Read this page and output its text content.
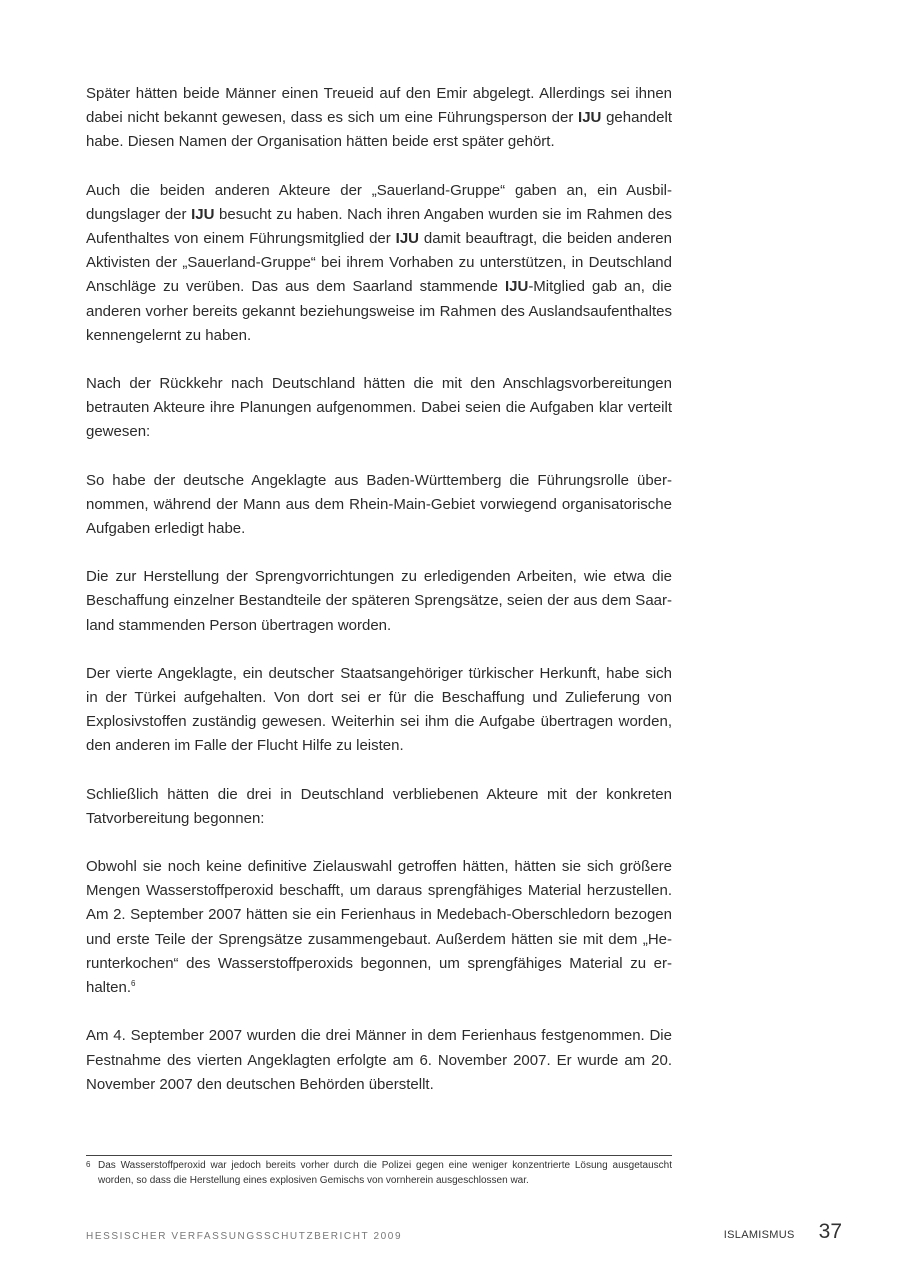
Später hätten beide Männer einen Treueid auf den Emir abgelegt. Allerdings sei ihnen dabei nicht bekannt gewesen, dass es sich um eine Führungsperson der IJU gehandelt habe. Diesen Namen der Organisation hätten beide erst später gehört.

Auch die beiden anderen Akteure der „Sauerland-Gruppe“ gaben an, ein Ausbildungslager der IJU besucht zu haben. Nach ihren Angaben wurden sie im Rahmen des Aufenthaltes von einem Führungsmitglied der IJU damit beauftragt, die beiden anderen Aktivisten der „Sauerland-Gruppe“ bei ihrem Vorhaben zu unterstützen, in Deutschland Anschläge zu verüben. Das aus dem Saarland stammende IJU-Mitglied gab an, die anderen vorher bereits gekannt beziehungsweise im Rahmen des Auslandsaufenthaltes kennengelernt zu haben.

Nach der Rückkehr nach Deutschland hätten die mit den Anschlagsvorbereitungen betrauten Akteure ihre Planungen aufgenommen. Dabei seien die Aufgaben klar verteilt gewesen:

So habe der deutsche Angeklagte aus Baden-Württemberg die Führungsrolle übernommen, während der Mann aus dem Rhein-Main-Gebiet vorwiegend organisatorische Aufgaben erledigt habe.

Die zur Herstellung der Sprengvorrichtungen zu erledigenden Arbeiten, wie etwa die Beschaffung einzelner Bestandteile der späteren Sprengsätze, seien der aus dem Saarland stammenden Person übertragen worden.

Der vierte Angeklagte, ein deutscher Staatsangehöriger türkischer Herkunft, habe sich in der Türkei aufgehalten. Von dort sei er für die Beschaffung und Zulieferung von Explosivstoffen zuständig gewesen. Weiterhin sei ihm die Aufgabe übertragen worden, den anderen im Falle der Flucht Hilfe zu leisten.

Schließlich hätten die drei in Deutschland verbliebenen Akteure mit der konkreten Tatvorbereitung begonnen:

Obwohl sie noch keine definitive Zielauswahl getroffen hätten, hätten sie sich größere Mengen Wasserstoffperoxid beschafft, um daraus sprengfähiges Material herzustellen. Am 2. September 2007 hätten sie ein Ferienhaus in Medebach-Oberschledorn bezogen und erste Teile der Sprengsätze zusammengebaut. Außerdem hätten sie mit dem „Herunterkochen“ des Wasserstoffperoxids begonnen, um sprengfähiges Material zu erhalten.$^6$

Am 4. September 2007 wurden die drei Männer in dem Ferienhaus festgenommen. Die Festnahme des vierten Angeklagten erfolgte am 6. November 2007. Er wurde am 20. November 2007 den deutschen Behörden überstellt.

6 Das Wasserstoffperoxid war jedoch bereits vorher durch die Polizei gegen eine weniger konzentrierte Lösung ausgetauscht worden, so dass die Herstellung eines explosiven Gemischs von vornherein ausgeschlossen war.
HESSISCHER VERFASSUNGSSCHUTZBERICHT 2009	ISLAMISMUS 37
